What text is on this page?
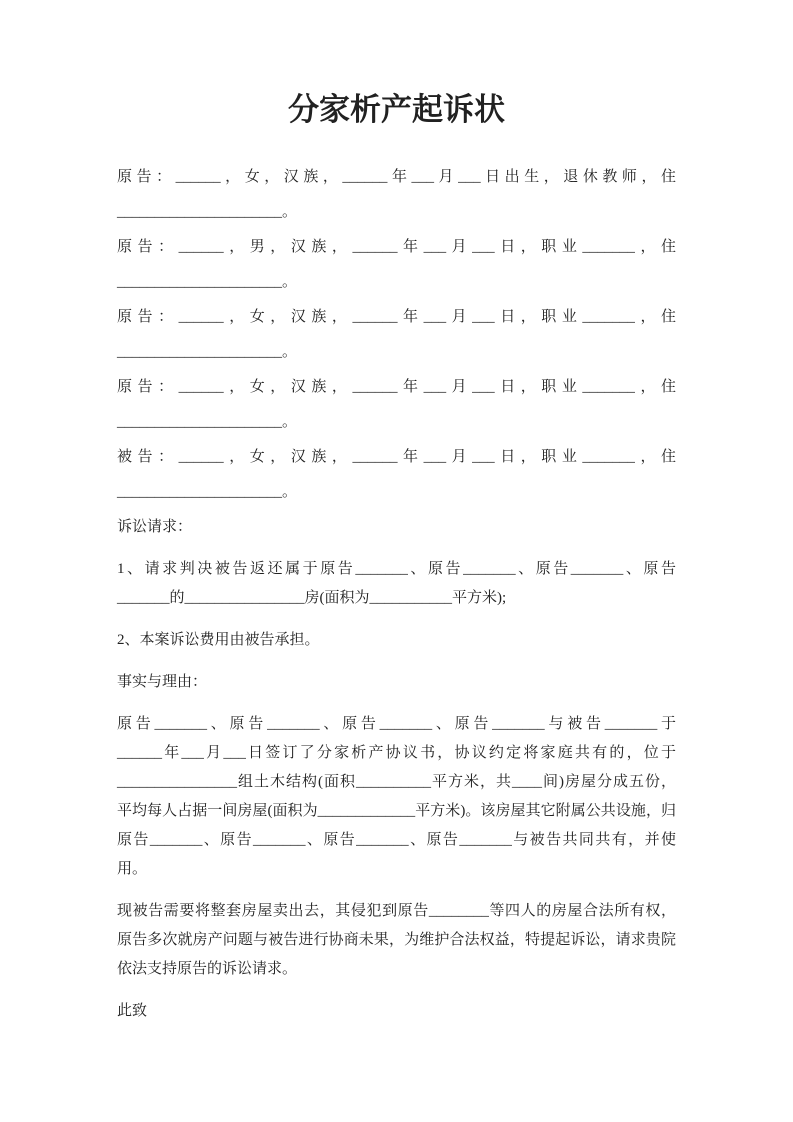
分家析产起诉状

原告：______，女，汉族，______年___月___日出生，退休教师，住
______________________。

原告：______，男，汉族，______年___月___日，职业_______，住
______________________。

原告：______，女，汉族，______年___月___日，职业_______，住
______________________。

原告：______，女，汉族，______年___月___日，职业_______，住
______________________。

被告：______，女，汉族，______年___月___日，职业_______，住
______________________。

诉讼请求：

1、请求判决被告返还属于原告_______、原告_______、原告_______、原告
_______的________________房(面积为___________平方米);

2、本案诉讼费用由被告承担。

事实与理由：

原告_______、原告_______、原告_______、原告_______与被告_______于
______年___月___日签订了分家析产协议书，协议约定将家庭共有的，位于
________________组土木结构(面积__________平方米，共____间)房屋分成五份，
平均每人占据一间房屋(面积为_____________平方米)。该房屋其它附属公共设施，归
原告_______、原告_______、原告_______、原告_______与被告共同共有，并使
用。

现被告需要将整套房屋卖出去，其侵犯到原告________等四人的房屋合法所有权，
原告多次就房产问题与被告进行协商未果，为维护合法权益，特提起诉讼，请求贵院
依法支持原告的诉讼请求。

此致
